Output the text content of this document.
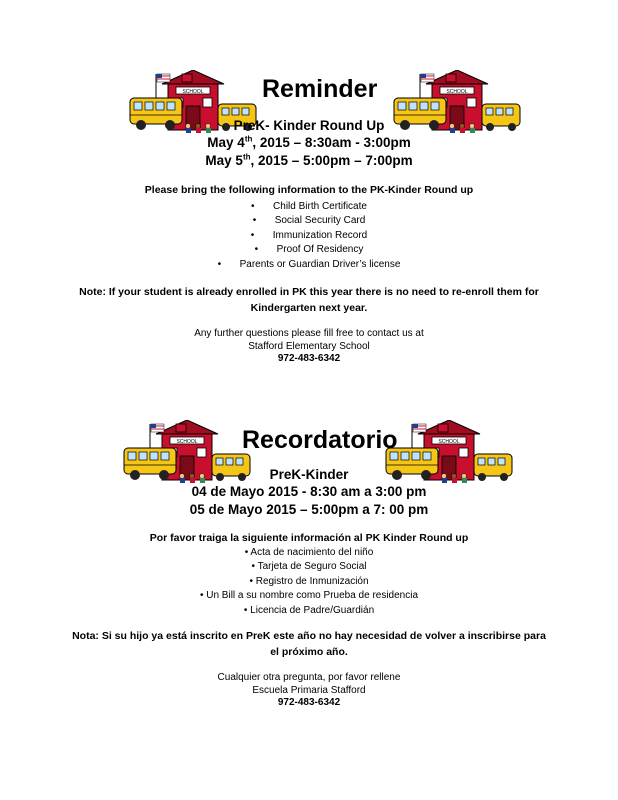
Reminder
PreK- Kinder Round Up
May 4th, 2015 – 8:30am - 3:00pm
May 5th, 2015 – 5:00pm – 7:00pm
Please bring the following information to the PK-Kinder Round up
• Child Birth Certificate
• Social Security Card
• Immunization Record
• Proof Of Residency
• Parents or Guardian Driver’s license
Note: If your student is already enrolled in PK this year there is no need to re-enroll them for
Kindergarten next year.
Any further questions please fill free to contact us at
Stafford Elementary School
972-483-6342
Recordatorio
PreK-Kinder
04 de Mayo 2015 - 8:30 am a 3:00 pm
05 de Mayo 2015 – 5:00pm a 7: 00 pm
Por favor traiga la siguiente información al PK Kinder Round up
• Acta de nacimiento del niño
• Tarjeta de Seguro Social
• Registro de Inmunización
• Un Bill a su nombre como Prueba de residencia
• Licencia de Padre/Guardián
Nota: Si su hijo ya está inscrito en PreK este año no hay necesidad de volver a inscribirse para
el próximo año.
Cualquier otra pregunta, por favor rellene
Escuela Primaria Stafford
972-483-6342
